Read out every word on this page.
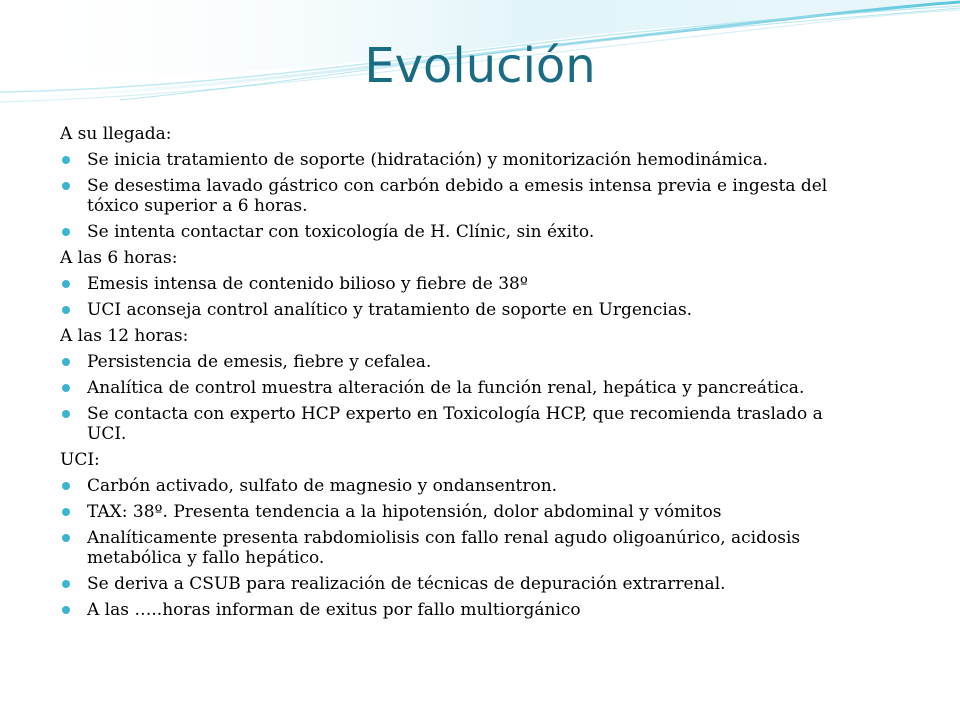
Evolución
A su llegada:
Se inicia tratamiento de soporte (hidratación) y monitorización hemodinámica.
Se desestima lavado gástrico con carbón debido a emesis intensa previa e ingesta del tóxico superior a 6 horas.
Se intenta contactar con toxicología de H. Clínic, sin éxito.
A las 6 horas:
Emesis intensa de contenido bilioso y fiebre de 38º
UCI aconseja control analítico y tratamiento de soporte en Urgencias.
A las 12 horas:
Persistencia de emesis, fiebre y cefalea.
Analítica de control muestra alteración de la función renal, hepática y pancreática.
Se contacta con experto HCP experto en Toxicología HCP, que recomienda traslado a UCI.
UCI:
Carbón activado, sulfato de magnesio y ondansentron.
TAX: 38º. Presenta tendencia a la hipotensión, dolor abdominal y vómitos
Analíticamente presenta rabdomiolisis con fallo renal agudo oligoanúrico, acidosis metabólica y fallo hepático.
Se deriva a CSUB para realización de técnicas de depuración extrarrenal.
A las …..horas informan de exitus por fallo multiorgánico
